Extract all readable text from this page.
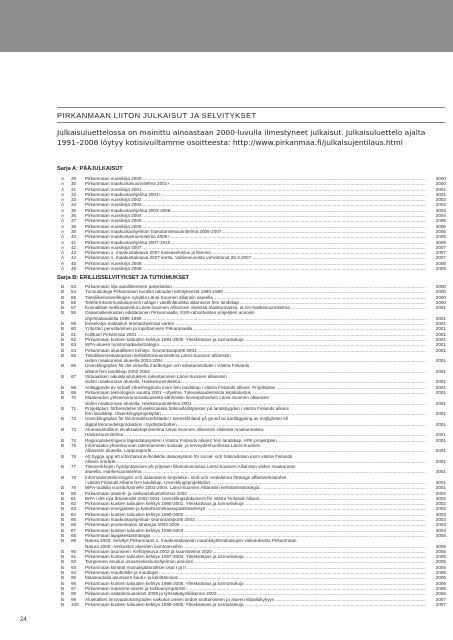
PIRKANMAAN LIITON JULKAISUT JA SELVITYKSET
Julkaisuluettelossa on mainittu ainoastaan 2000-luvulla ilmestyneet julkaisut. Julkaisuluettelo ajalta 1991–2008 löytyy kotisivuiltamme osoitteesta: http://www.pirkanmaa.fi/julkaisujentilaus.html
Sarja A: PÄÄJULKAISUT
A	29	Pirkanmaan vuosikirja 2000 .....	2000
A	30	Pirkanmaan maakuntasuunnitelma 2001+ .....	2000
A	31	Pirkanmaan vuosikirja 2001 .....	2001
A	32	Pirkanmaan maakuntaohjelma 2001+ .....	2001
A	33	Pirkanmaan vuosikirja 2002 .....	2002
A	34	Pirkanmaan vuosikirja 2003 .....	2003
A	35	Pirkanmaan maakuntaohjelma 2003-2006 .....	2003
A	36	Pirkanmaan vuosikirja 2004 .....	2004
A	37	Pirkanmaan vuosikirja 2005 .....	2005
A	38	Pirkanmaan vuosikirja 2006 .....	2006
A	39	Pirkanmaan maakuntaohjelman toteuttamissuunnitelma 2006-2007 .....	2005
A	40	Pirkanmaan maakuntasuunnitelma 2005+ .....	2005
A	41	Pirkanmaan maakuntaohjelma 2007-2010 .....	2006
A	42	Pirkanmaan vuosikirja 2007 .....	2007
A	43	Pirkanmaan 1. maakuntakaava 2007 kaavaselostus ja liiteosa .....	2007
A	44	Pirkanmaan 1. maakuntakaava 2007 kartta. Valtioneuvosto vahvistanut 29.3.2007 .....	2007
A	45	Pirkanmaan vuosikirja 2008 .....	2008
A	46	Pirkanmaan vuosikirja 2009 .....	2009
Sarja B: ERILLISSELVITYKSET JA TUTKIMUKSET
B	53	Pirkanmaan liija-autoliikenteen palvelutaso .....	2000
B	54	Tunnuslukuja Pirkanmaan kuntien talouden kehityksestä 1993-1999 .....	2000
B	55	Tietoliikenneverkkojen nykytila Länsi-Suomen alliansin alueella .....	2000
B	56	Teleformkommunikationens nuläge i västfinländska alliansens fem landskap .....	2000
B	57	Kunnalliset verkkopalvelut Länsi-Suomen Allianssin viidessä maakunnassa, eLSA-hankesuunnitelma .....	2001
B	58	Osaamiskeskusten edistäminen Pirkanmaalla, ESR-rahoitteisten projektien arviointi
ohjelmakaudella 1995-1999 .....	2001
B	59	Esiselvitys matkailun teemaohjelmaa varten .....	2001
B	60	Yritysten perustaminen ja lopettaminen Pirkanmaalla .....	2001
B	61	Kulttuuri Pirkanmaa 2001 .....	2001
B	62	Pirkanmaan kuntien talouden kehitys 1994-2000. Yleiskatsaus ja tunnuslukuja .....	2001
B	63	WFA-alueen luontomatkailustrategia .....	2001
B	64	Pirkanmaan aluealliteen kehitys. Seurantaraportti 2001 .....	2001
B	65	Tietoliikennealasopston kehittämissuunnitelma Länsi-Suomen allianssin
viiden maakunnan alueella 2002-2004 .....	2001
B	66	Utvecklingsplan för det virtuella medborgar och arbetarinstitutet i Västra Finlands
allians fem landskap 2002-2004 .....	2001
B	67	Virtuaalisen aikuiskoulutuksen rakentaminen Länsi-Suomen allianssin
viiden maakunnan alueella. Hankesuunnitelma .....	2001
B	68	Anläggande av virtuell vrkeshögskola inom fem landskap i västra Finlands allians. Projektplan .....	2001
B	69	Pirkanmaan teknologisin suunta 2001 –ohjelma. Tulevaisuudestoista kirjakalustus .....	2001
B	70	Maaseudun yhteisöviranomaisuusesta sähköisiin tievenpohvelutn Länsi-Suomen allianssin
viiden maakunnan alueella. Hankesuunnitelma 2001 .....	2001
B	71	Projektplan: förberedelse till elektroniska hälsovårdstjänster på landsbygden i västra Finlands allians
fem landskap. Utvecklingsprojektplan .....	2001
B	72	Utvecklingsplan för läromedelsverkstäder i svenskfinland på grund av kartläggning av möjligheter till
digital läromedelsproduktion i Sydösterbotten .....	2001
B	73	Alueasuntoiliiton elvaksialetoproteelma Länsi-Suomen allianssin viidessä maakunnassa.
Hankesuunnitelma .....	2001
B	74	Regionplaneringens lägesdatasystem i Västra Finlands Allians' fem landskap. APK-projektplan .....	2001
B	75	Informaatio-yhteiskunnan rakentaminen sosiaali- ja terveydenhuollossa Länsi-Suomen
Allianssin alueella. Loppuraportti .....	2001
B	76	Att bygga upp ett informations-/kollektiv dataosystem för social- och hälsovården inom västra Finlands
Allians område .....	2001
B	77	Tietoverkkojen hyödyntäminen pk-yritysten liiketoiminnassa Länsi-Suomen Allianssin viiden maakunnan
alueella. Hankesuunnitelma .....	2001
B	78	Informationsteknologins och datanätens betydelse i små och medelstora företags affärsverksamhet
i västra Finlands Allians fem landskap. Utvecklingsprojektplan .....	2001
B	79	WFA-uutisila vuosituhannelle 2001-2004. Länsi-Suomen Allianssin kehittämisstrategia .....	2001
B	80	Pirkanmaan asiointi- ja vaikutusaluetutkimus 2002 .....	2002
B	81	WFA i det nya årtusendet 2002-2004. Utvecklingsdokument för västra Finlands Allians .....	2002
B	82	Pirkanmaan kuntien talouden kehitys 1995-2001. Yleiskatsaus ja tunnuslukuja .....	2002
B	83	Pirkanmaan energiatase ja kasvihuonekaasupäästöselvitys .....	2002
B	84	Pirkanmaan kuntien talouden kehitys 1996-2002 .....	2003
B	85	Pirkanmaan maakuntaohjelman seurantaraportti 2003 .....	2003
B	86	Pirkanmaan puutuotealan strategia 2003-2006 .....	2003
B	87	Pirkanmaan kuntien talouden kehitys 1996-2003 .....	2004
B	88	Pirkanmaan lajajakestastrategia .....	2005
B	89	Natura 2000. Selvitys Pirkanmaan 1. maakuntakaavan maankäyttöratkaisujen vaikutuksista Pirkanmaan
Natura 2000 –verkoston alueiden luontoarvoihin .....	2005
B	90	Pirkanmaan asuminen. Kehityskuva 2002 ja suunnitelma 2020 .....	2005
B	91	Pirkanmaan kuntien talouden kehitys 1997-2004. Yleiskatsaus ja tunnuslukuja .....	2005
B	92	Tampereen seudun osaamiskeskusohjelman arviointi .....	2005
B	93	Pirkanmaan kiinteät muinaisjäännökset osat I ja II .....	2005
B	94	Pirkanmaan muuttoliike ja muuttajat .....	2006
B	95	Maaseudulla asuminen kautu- ja kehittäminen .....	2006
B	96	Pirkanmaan kuntien talouden kehitys 1998-2005. Yleiskatsaus ja tunnuslukuja .....	2006
B	97	Pirkanmaan maiseme-alueet ja kulttuuriympäristö .....	2006
B	98	Pirkanmaan valtatiemuutokset 2005 ja työssäkäyntiliikenne 2003 .....	2006
B	99	Aluekäitien innovaatiotoimijoiden vaikutus omien tiedon tuottamiseen ja alueen kilpailukykyyn .....	2007
B	100	Pirkanmaan kuntien talouden kehitys 1999-2006. Yleiskatsaus ja tunnuslukuja .....	2007
24
